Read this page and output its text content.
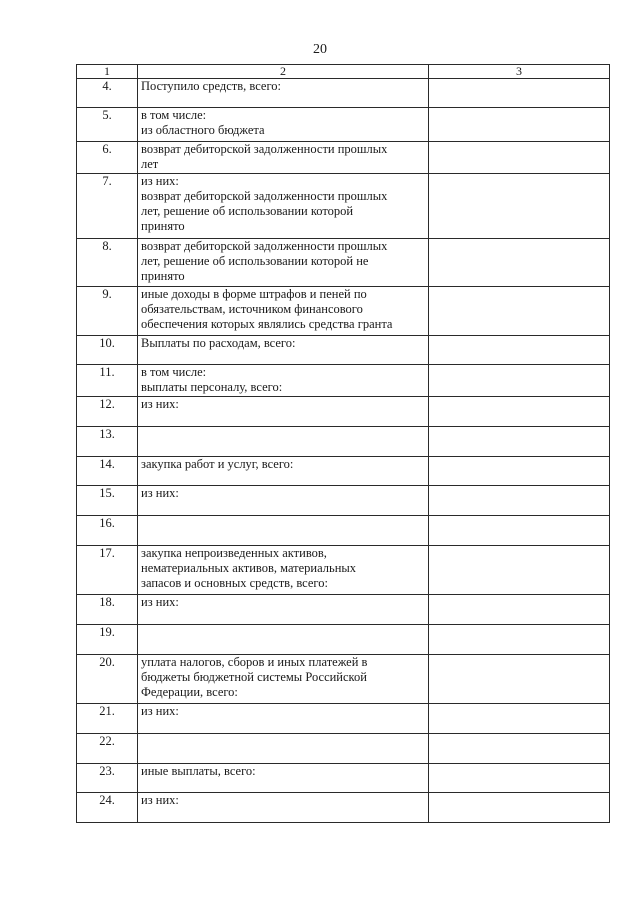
20
1	2	3
4.	Поступило средств, всего:	

5.	в том числе:
из областного бюджета	

6.	возврат дебиторской задолженности прошлых
лет	

7.	из них:
возврат дебиторской задолженности прошлых
лет, решение об использовании которой
принято	

8.	возврат дебиторской задолженности прошлых
лет, решение об использовании которой не
принято	

9.	иные доходы в форме штрафов и пеней по
обязательствам, источником финансового
обеспечения которых являлись средства гранта	

10.	Выплаты по расходам, всего:	

11.	в том числе:
выплаты персоналу, всего:	

12.	из них:	

13.		
14.	закупка работ и услуг, всего:	

15.	из них:	

16.		
17.	закупка непроизведенных активов,
нематериальных активов, материальных
запасов и основных средств, всего:	

18.	из них:	

19.		
20.	уплата налогов, сборов и иных платежей в
бюджеты бюджетной системы Российской
Федерации, всего:	

21.	из них:	

22.		
23.	иные выплаты, всего:	

24.	из них:	
